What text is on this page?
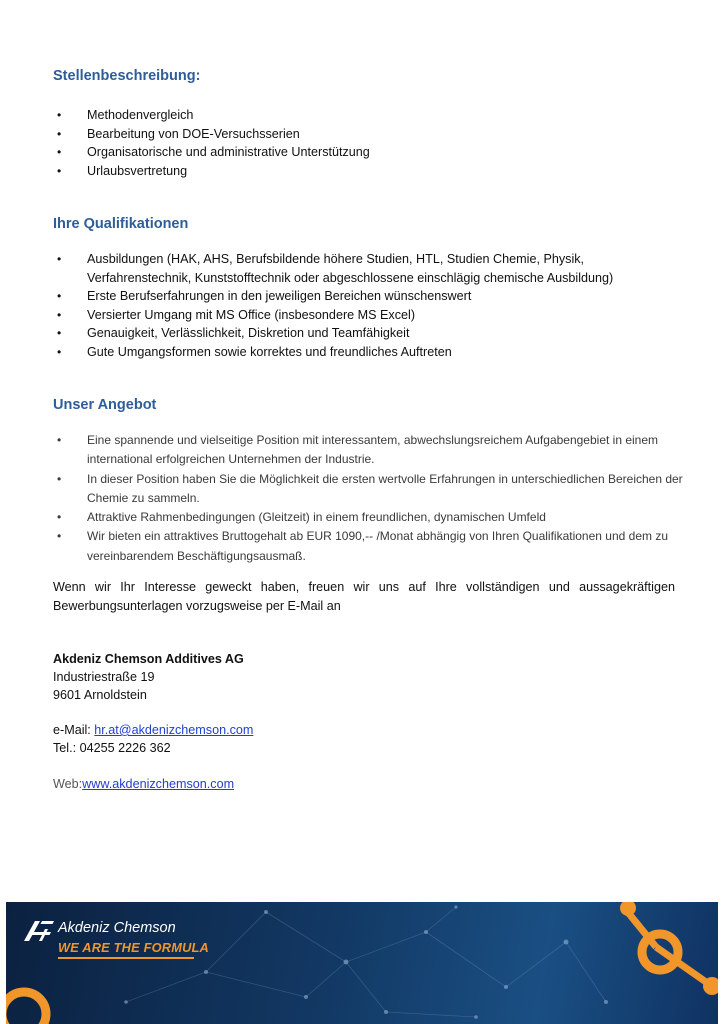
Stellenbeschreibung:
• Methodenvergleich
• Bearbeitung von DOE-Versuchsserien
• Organisatorische und administrative Unterstützung
• Urlaubsvertretung
Ihre Qualifikationen
• Ausbildungen (HAK, AHS, Berufsbildende höhere Studien, HTL, Studien Chemie, Physik, Verfahrenstechnik, Kunststofftechnik oder abgeschlossene einschlägig chemische Ausbildung)
• Erste Berufserfahrungen in den jeweiligen Bereichen wünschenswert
• Versierter Umgang mit MS Office (insbesondere MS Excel)
• Genauigkeit, Verlässlichkeit, Diskretion und Teamfähigkeit
• Gute Umgangsformen sowie korrektes und freundliches Auftreten
Unser Angebot
• Eine spannende und vielseitige Position mit interessantem, abwechslungsreichem Aufgabengebiet in einem international erfolgreichen Unternehmen der Industrie.
• In dieser Position haben Sie die Möglichkeit die ersten wertvolle Erfahrungen in unterschiedlichen Bereichen der Chemie zu sammeln.
• Attraktive Rahmenbedingungen (Gleitzeit) in einem freundlichen, dynamischen Umfeld
• Wir bieten ein attraktives Bruttogehalt ab EUR 1090,-- /Monat abhängig von Ihren Qualifikationen und dem zu vereinbarendem Beschäftigungsausmaß.

Wenn wir Ihr Interesse geweckt haben, freuen wir uns auf Ihre vollständigen und aussagekräftigen Bewerbungsunterlagen vorzugsweise per E-Mail an

Akdeniz Chemson Additives AG
Industriestraße 19
9601 Arnoldstein
e-Mail: hr.at@akdenizchemson.com
Tel.: 04255 2226 362
Web:www.akdenizchemson.com
Akdeniz Chemson
WE ARE THE FORMULA
